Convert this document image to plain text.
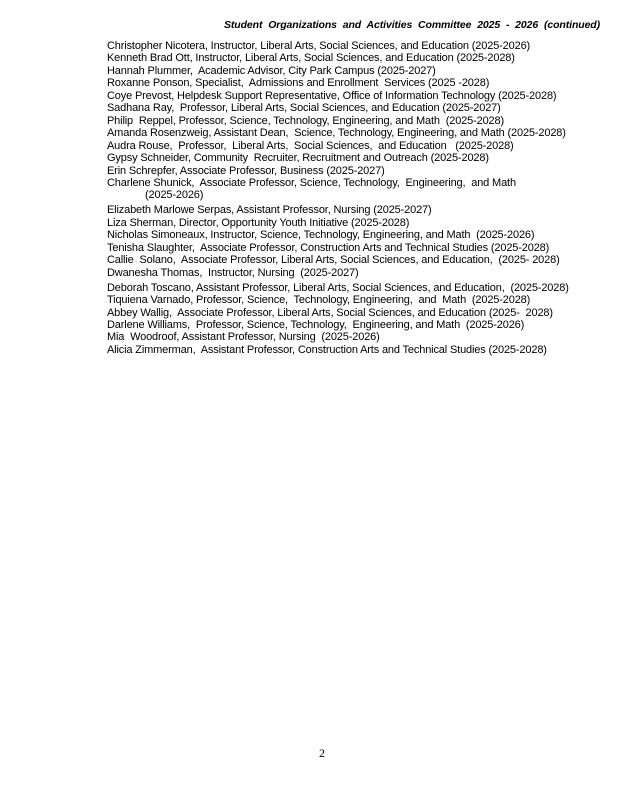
Student Organizations and Activities Committee 2025 - 2026 (continued)
Christopher Nicotera, Instructor, Liberal Arts, Social Sciences, and Education (2025-2026)
Kenneth Brad Ott, Instructor, Liberal Arts, Social Sciences, and Education (2025-2028)
Hannah Plummer,  Academic Advisor, City Park Campus (2025-2027)
Roxanne Ponson, Specialist,  Admissions and Enrollment  Services (2025 -2028)
Coye Prevost, Helpdesk Support Representative, Office of Information Technology (2025-2028)
Sadhana Ray,  Professor, Liberal Arts, Social Sciences, and Education (2025-2027)
Philip  Reppel, Professor, Science, Technology, Engineering, and Math  (2025-2028)
Amanda Rosenzweig, Assistant Dean,  Science, Technology, Engineering, and Math (2025-2028)
Audra Rouse,  Professor,  Liberal Arts,  Social Sciences,  and Education   (2025-2028)
Gypsy Schneider, Community  Recruiter, Recruitment and Outreach (2025-2028)
Erin Schrepfer, Associate Professor, Business (2025-2027)
Charlene Shunick,  Associate Professor, Science, Technology,  Engineering,  and Math
(2025-2026)
Elizabeth Marlowe Serpas, Assistant Professor, Nursing (2025-2027)
Liza Sherman, Director, Opportunity Youth Initiative (2025-2028)
Nicholas Simoneaux, Instructor, Science, Technology, Engineering, and Math  (2025-2026)
Tenisha Slaughter,  Associate Professor, Construction Arts and Technical Studies (2025-2028)
Callie  Solano,  Associate Professor, Liberal Arts, Social Sciences, and Education,  (2025- 2028)
Dwanesha Thomas,  Instructor, Nursing  (2025-2027)
Deborah Toscano, Assistant Professor, Liberal Arts, Social Sciences, and Education,  (2025-2028)
Tiquiena Varnado, Professor, Science,  Technology, Engineering,  and  Math  (2025-2028)
Abbey Wallig,  Associate Professor, Liberal Arts, Social Sciences, and Education (2025-  2028)
Darlene Williams,  Professor, Science, Technology,  Engineering, and Math  (2025-2026)
Mia  Woodroof, Assistant Professor, Nursing  (2025-2026)
Alicia Zimmerman,  Assistant Professor, Construction Arts and Technical Studies (2025-2028)
2
